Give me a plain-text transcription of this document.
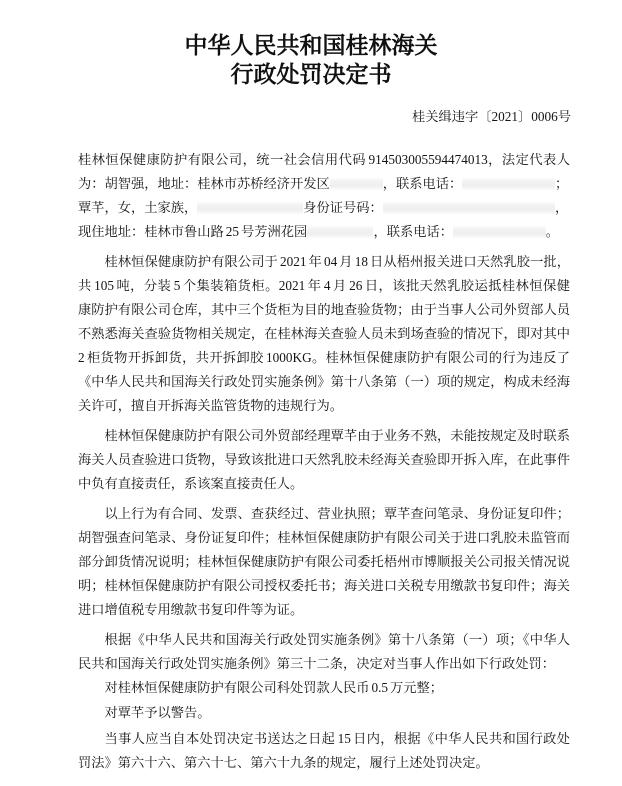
中华人民共和国桂林海关
行政处罚决定书
桂关缉违字〔2021〕0006号
桂林恒保健康防护有限公司，统一社会信用代码 914503005594474013，法定代表人
为：胡智强，地址：桂林市苏桥经济开发区	，联系电话：	；
覃芊，女，土家族，	身份证号码：	，
现住地址：桂林市鲁山路 25 号芳洲花园	，联系电话：	。
桂林恒保健康防护有限公司于 2021 年 04 月 18 日从梧州报关进口天然乳胶一批，
共 105 吨，分装 5 个集装箱货柜。2021 年 4 月 26 日，该批天然乳胶运抵桂林恒保健
康防护有限公司仓库，其中三个货柜为目的地查验货物；由于当事人公司外贸部人员
不熟悉海关查验货物相关规定，在桂林海关查验人员未到场查验的情况下，即对其中
2 柜货物开拆卸货，共开拆卸胶 1000KG。桂林恒保健康防护有限公司的行为违反了
《中华人民共和国海关行政处罚实施条例》第十八条第（一）项的规定，构成未经海
关许可，擅自开拆海关监管货物的违规行为。
桂林恒保健康防护有限公司外贸部经理覃芊由于业务不熟，未能按规定及时联系
海关人员查验进口货物，导致该批进口天然乳胶未经海关查验即开拆入库，在此事件
中负有直接责任，系该案直接责任人。
以上行为有合同、发票、查获经过、营业执照；覃芊查问笔录、身份证复印件；
胡智强查问笔录、身份证复印件；桂林恒保健康防护有限公司关于进口乳胶未监管而
部分卸货情况说明；桂林恒保健康防护有限公司委托梧州市博顺报关公司报关情况说
明；桂林恒保健康防护有限公司授权委托书；海关进口关税专用缴款书复印件；海关
进口增值税专用缴款书复印件等为证。
根据《中华人民共和国海关行政处罚实施条例》第十八条第（一）项；《中华人
民共和国海关行政处罚实施条例》第三十二条，决定对当事人作出如下行政处罚：
对桂林恒保健康防护有限公司科处罚款人民币 0.5 万元整；
对覃芊予以警告。
当事人应当自本处罚决定书送达之日起 15 日内，根据《中华人民共和国行政处
罚法》第六十六、第六十七、第六十九条的规定，履行上述处罚决定。
